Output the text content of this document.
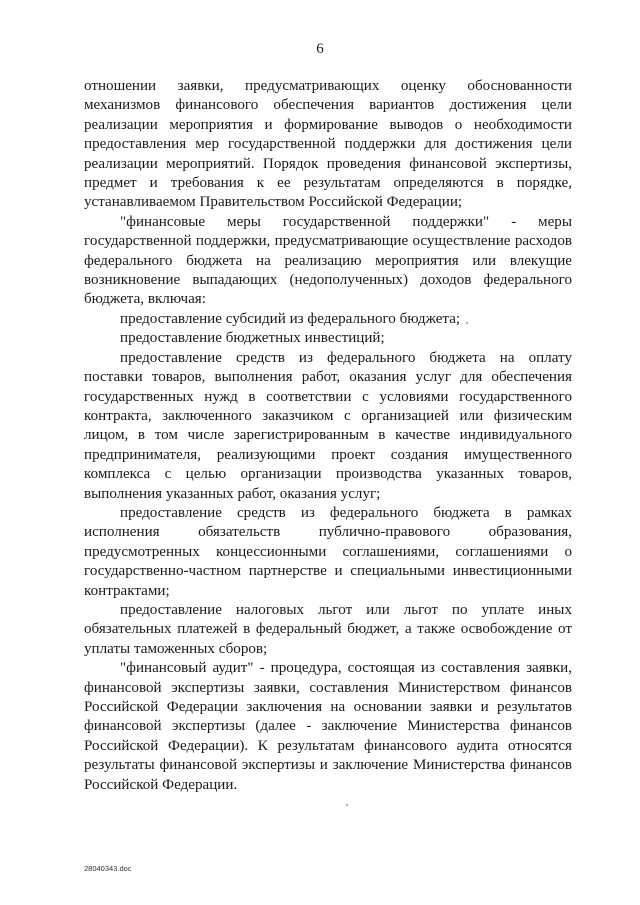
6

отношении заявки, предусматривающих оценку обоснованности механизмов финансового обеспечения вариантов достижения цели реализации мероприятия и формирование выводов о необходимости предоставления мер государственной поддержки для достижения цели реализации мероприятий. Порядок проведения финансовой экспертизы, предмет и требования к ее результатам определяются в порядке, устанавливаемом Правительством Российской Федерации;

"финансовые меры государственной поддержки" - меры государственной поддержки, предусматривающие осуществление расходов федерального бюджета на реализацию мероприятия или влекущие возникновение выпадающих (недополученных) доходов федерального бюджета, включая:

предоставление субсидий из федерального бюджета;

предоставление бюджетных инвестиций;

предоставление средств из федерального бюджета на оплату поставки товаров, выполнения работ, оказания услуг для обеспечения государственных нужд в соответствии с условиями государственного контракта, заключенного заказчиком с организацией или физическим лицом, в том числе зарегистрированным в качестве индивидуального предпринимателя, реализующими проект создания имущественного комплекса с целью организации производства указанных товаров, выполнения указанных работ, оказания услуг;

предоставление средств из федерального бюджета в рамках исполнения обязательств публично-правового образования, предусмотренных концессионными соглашениями, соглашениями о государственно-частном партнерстве и специальными инвестиционными контрактами;

предоставление налоговых льгот или льгот по уплате иных обязательных платежей в федеральный бюджет, а также освобождение от уплаты таможенных сборов;

"финансовый аудит" - процедура, состоящая из составления заявки, финансовой экспертизы заявки, составления Министерством финансов Российской Федерации заключения на основании заявки и результатов финансовой экспертизы (далее - заключение Министерства финансов Российской Федерации). К результатам финансового аудита относятся результаты финансовой экспертизы и заключение Министерства финансов Российской Федерации.

28040343.doc
